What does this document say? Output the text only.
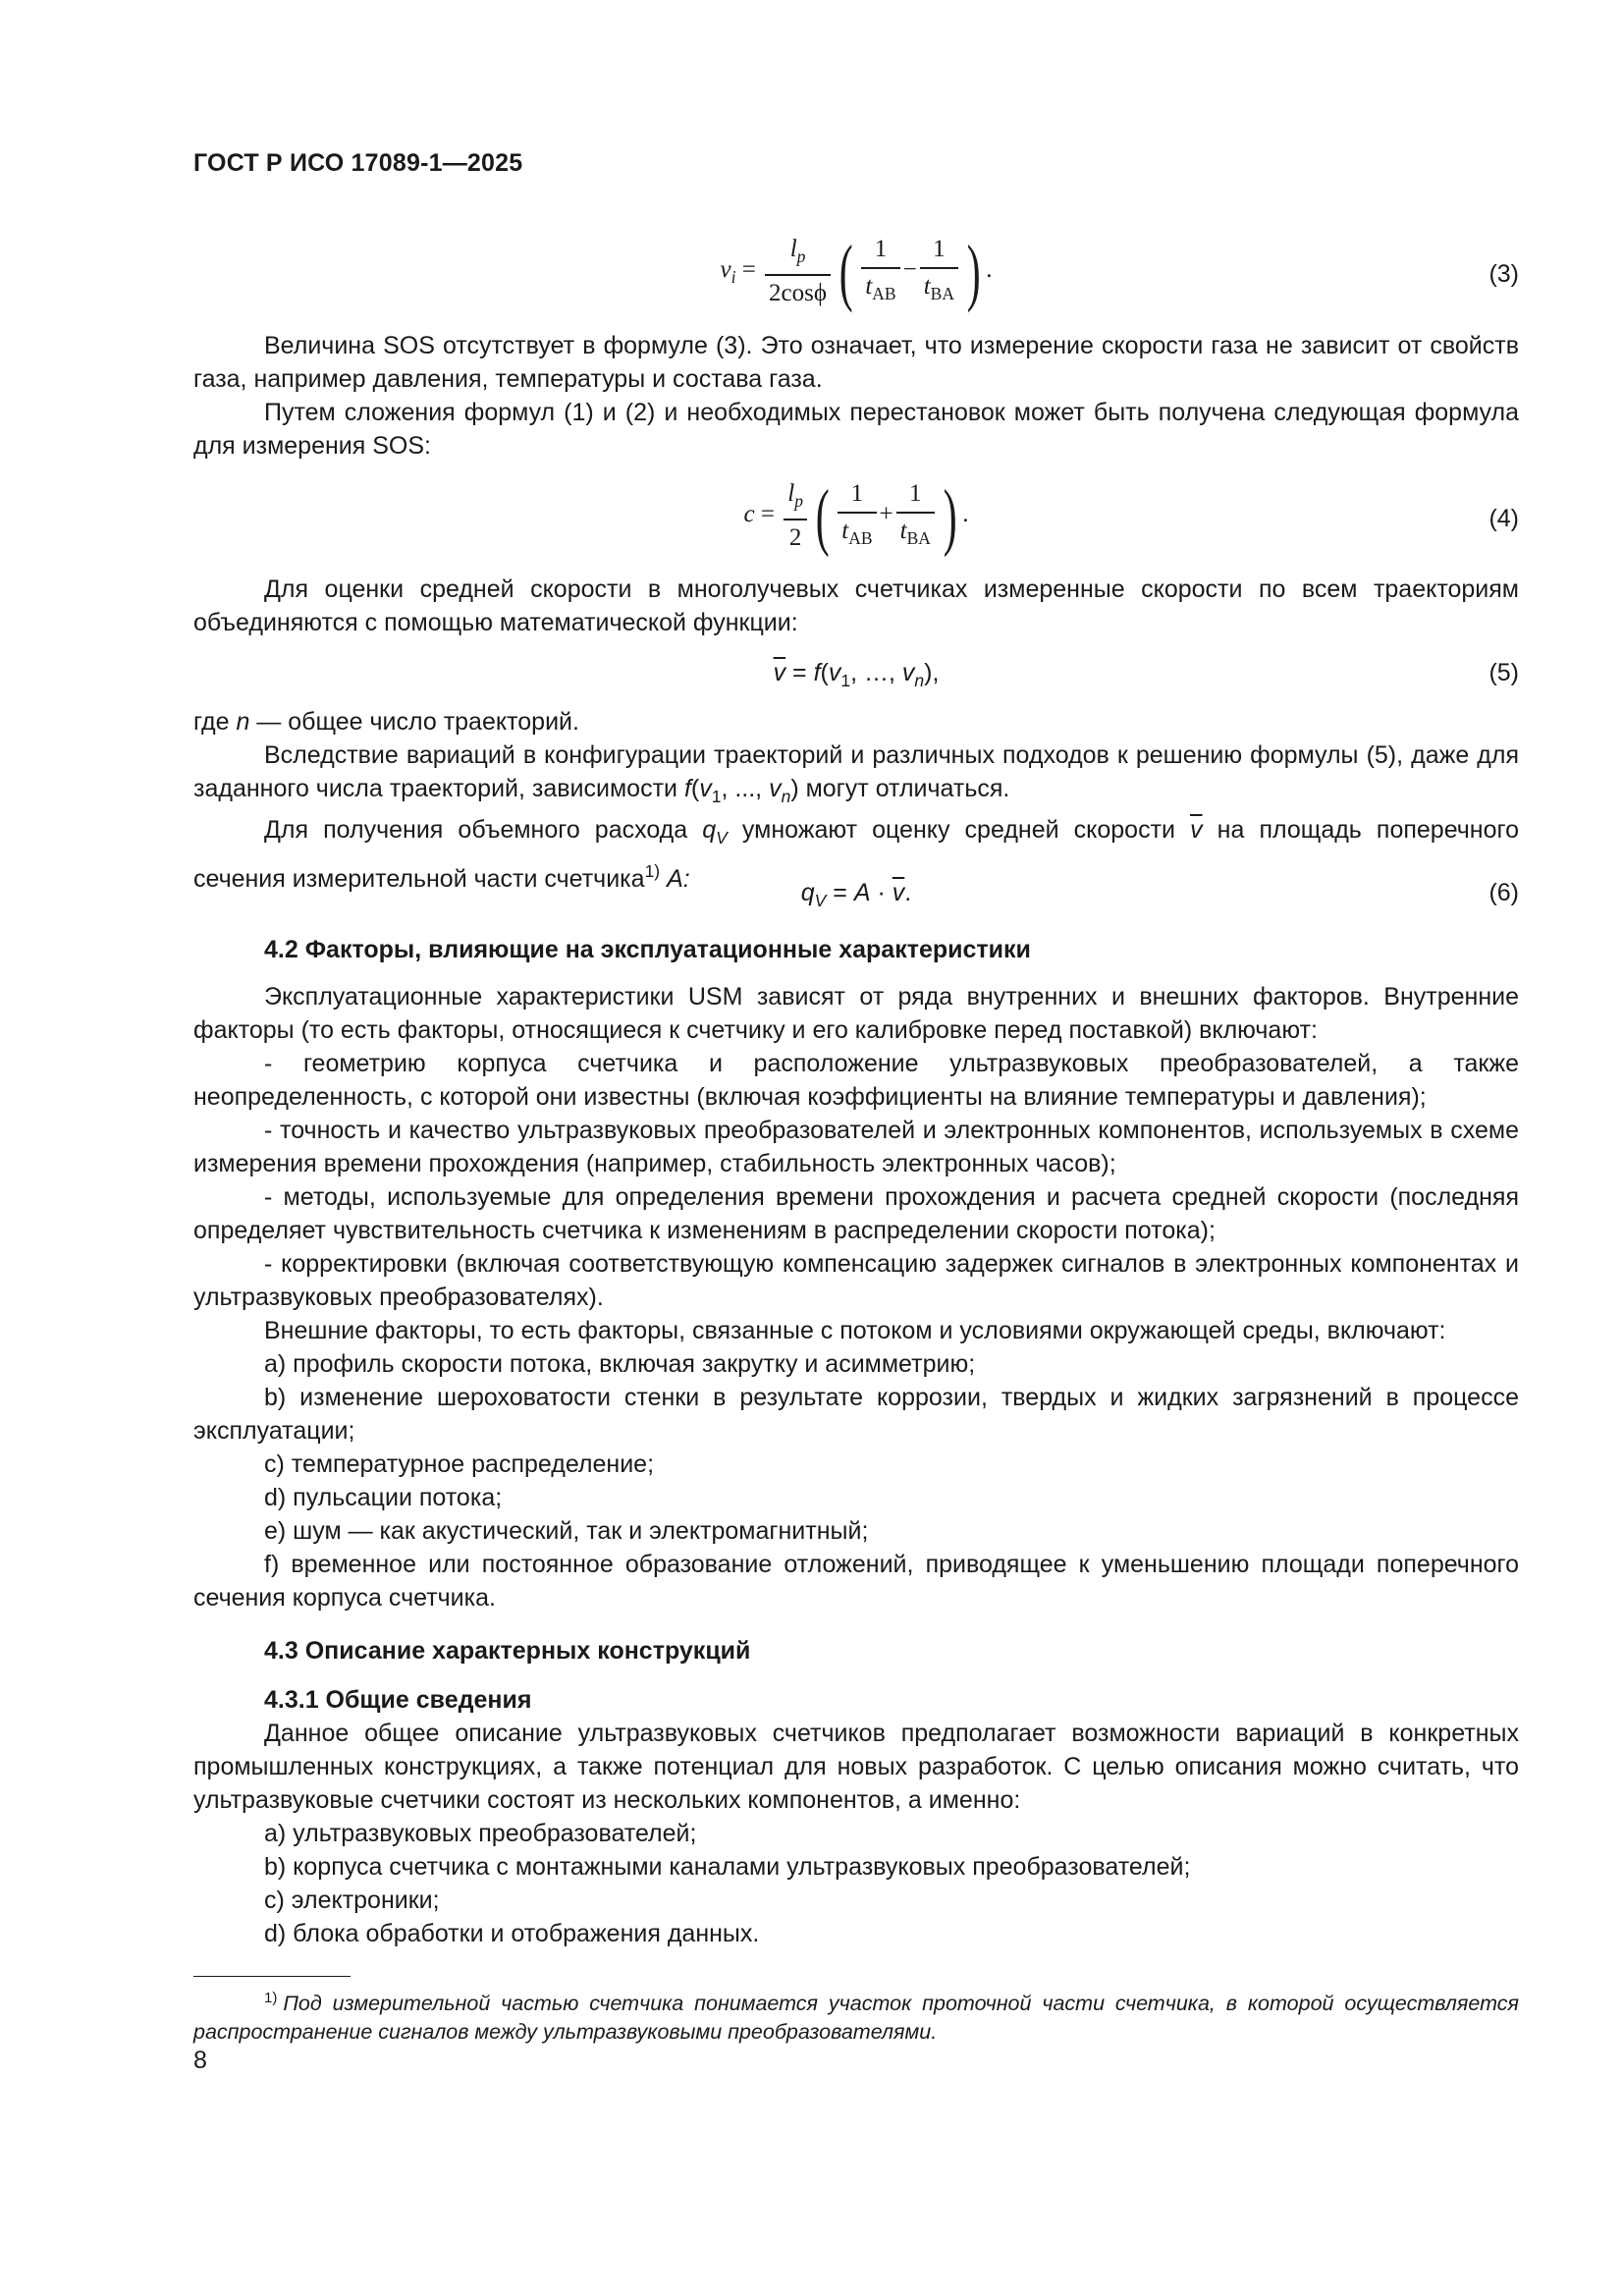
ГОСТ Р ИСО 17089-1—2025
$v_i = \frac{l_p}{2\cos\phi}$ ( $\frac{1}{t_{AB}} - \frac{1}{t_{BA}}$ ) .	(3)

Величина SOS отсутствует в формуле (3). Это означает, что измерение скорости газа не зависит от свойств газа, например давления, температуры и состава газа.

Путем сложения формул (1) и (2) и необходимых перестановок может быть получена следующая формула для измерения SOS:

$c = \frac{l_p}{2}$ ( $\frac{1}{t_{AB}} + \frac{1}{t_{BA}}$ ) .	(4)

Для оценки средней скорости в многолучевых счетчиках измеренные скорости по всем траекториям объединяются с помощью математической функции:

$\overline{v} = f(v_1$, …, $v_n$),	(5)

где n — общее число траекторий.

Вследствие вариаций в конфигурации траекторий и различных подходов к решению формулы (5), даже для заданного числа траекторий, зависимости $f(v_1$, ..., $v_n$) могут отличаться.

Для получения объемного расхода $q_V$ умножают оценку средней скорости $\overline{v}$ на площадь поперечного сечения измерительной части счетчика$^{1)}$ A:	$q_V = A \cdot \overline{v}$.	(6)

4.2 Факторы, влияющие на эксплуатационные характеристики

Эксплуатационные характеристики USM зависят от ряда внутренних и внешних факторов. Внутренние факторы (то есть факторы, относящиеся к счетчику и его калибровке перед поставкой) включают:

- геометрию корпуса счетчика и расположение ультразвуковых преобразователей, а также неопределенность, с которой они известны (включая коэффициенты на влияние температуры и давления);

- точность и качество ультразвуковых преобразователей и электронных компонентов, используемых в схеме измерения времени прохождения (например, стабильность электронных часов);

- методы, используемые для определения времени прохождения и расчета средней скорости (последняя определяет чувствительность счетчика к изменениям в распределении скорости потока);

- корректировки (включая соответствующую компенсацию задержек сигналов в электронных компонентах и ультразвуковых преобразователях).

Внешние факторы, то есть факторы, связанные с потоком и условиями окружающей среды, включают:

a) профиль скорости потока, включая закрутку и асимметрию;

b) изменение шероховатости стенки в результате коррозии, твердых и жидких загрязнений в процессе эксплуатации;

c) температурное распределение;

d) пульсации потока;

e) шум — как акустический, так и электромагнитный;

f) временное или постоянное образование отложений, приводящее к уменьшению площади поперечного сечения корпуса счетчика.

4.3 Описание характерных конструкций

4.3.1 Общие сведения

Данное общее описание ультразвуковых счетчиков предполагает возможности вариаций в конкретных промышленных конструкциях, а также потенциал для новых разработок. С целью описания можно считать, что ультразвуковые счетчики состоят из нескольких компонентов, а именно:

a) ультразвуковых преобразователей;

b) корпуса счетчика с монтажными каналами ультразвуковых преобразователей;

c) электроники;

d) блока обработки и отображения данных.

$^{1)}$ Под измерительной частью счетчика понимается участок проточной части счетчика, в которой осуществляется распространение сигналов между ультразвуковыми преобразователями.
8
